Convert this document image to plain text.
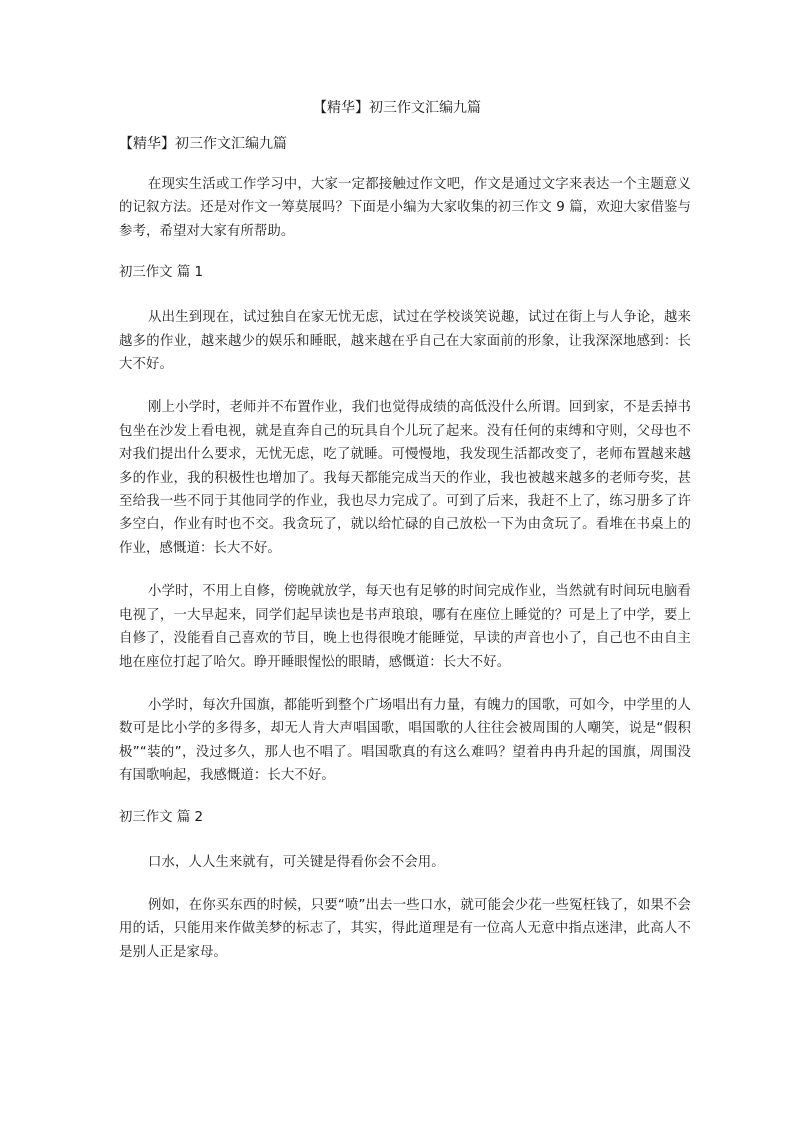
【精华】初三作文汇编九篇
【精华】初三作文汇编九篇

在现实生活或工作学习中，大家一定都接触过作文吧，作文是通过文字来表达一个主题意义的记叙方法。还是对作文一筹莫展吗？下面是小编为大家收集的初三作文 9 篇，欢迎大家借鉴与参考，希望对大家有所帮助。

初三作文 篇 1

从出生到现在，试过独自在家无忧无虑，试过在学校谈笑说趣，试过在街上与人争论，越来越多的作业，越来越少的娱乐和睡眠，越来越在乎自己在大家面前的形象，让我深深地感到：长大不好。

刚上小学时，老师并不布置作业，我们也觉得成绩的高低没什么所谓。回到家，不是丢掉书包坐在沙发上看电视，就是直奔自己的玩具自个儿玩了起来。没有任何的束缚和守则，父母也不对我们提出什么要求，无忧无虑，吃了就睡。可慢慢地，我发现生活都改变了，老师布置越来越多的作业，我的积极性也增加了。我每天都能完成当天的作业，我也被越来越多的老师夸奖，甚至给我一些不同于其他同学的作业，我也尽力完成了。可到了后来，我赶不上了，练习册多了许多空白，作业有时也不交。我贪玩了，就以给忙碌的自己放松一下为由贪玩了。看堆在书桌上的作业，感慨道：长大不好。

小学时，不用上自修，傍晚就放学，每天也有足够的时间完成作业，当然就有时间玩电脑看电视了，一大早起来，同学们起早读也是书声琅琅，哪有在座位上睡觉的？可是上了中学，要上自修了，没能看自己喜欢的节目，晚上也得很晚才能睡觉，早读的声音也小了，自己也不由自主地在座位打起了哈欠。睁开睡眼惺忪的眼睛，感慨道：长大不好。

小学时，每次升国旗，都能听到整个广场唱出有力量，有魄力的国歌，可如今，中学里的人数可是比小学的多得多，却无人肯大声唱国歌，唱国歌的人往往会被周围的人嘲笑，说是“假积极”“装的”，没过多久，那人也不唱了。唱国歌真的有这么难吗？望着冉冉升起的国旗，周围没有国歌响起，我感慨道：长大不好。

初三作文 篇 2

口水，人人生来就有，可关键是得看你会不会用。

例如，在你买东西的时候，只要“喷”出去一些口水，就可能会少花一些冤枉钱了，如果不会用的话，只能用来作做美梦的标志了，其实，得此道理是有一位高人无意中指点迷津，此高人不是别人正是家母。
